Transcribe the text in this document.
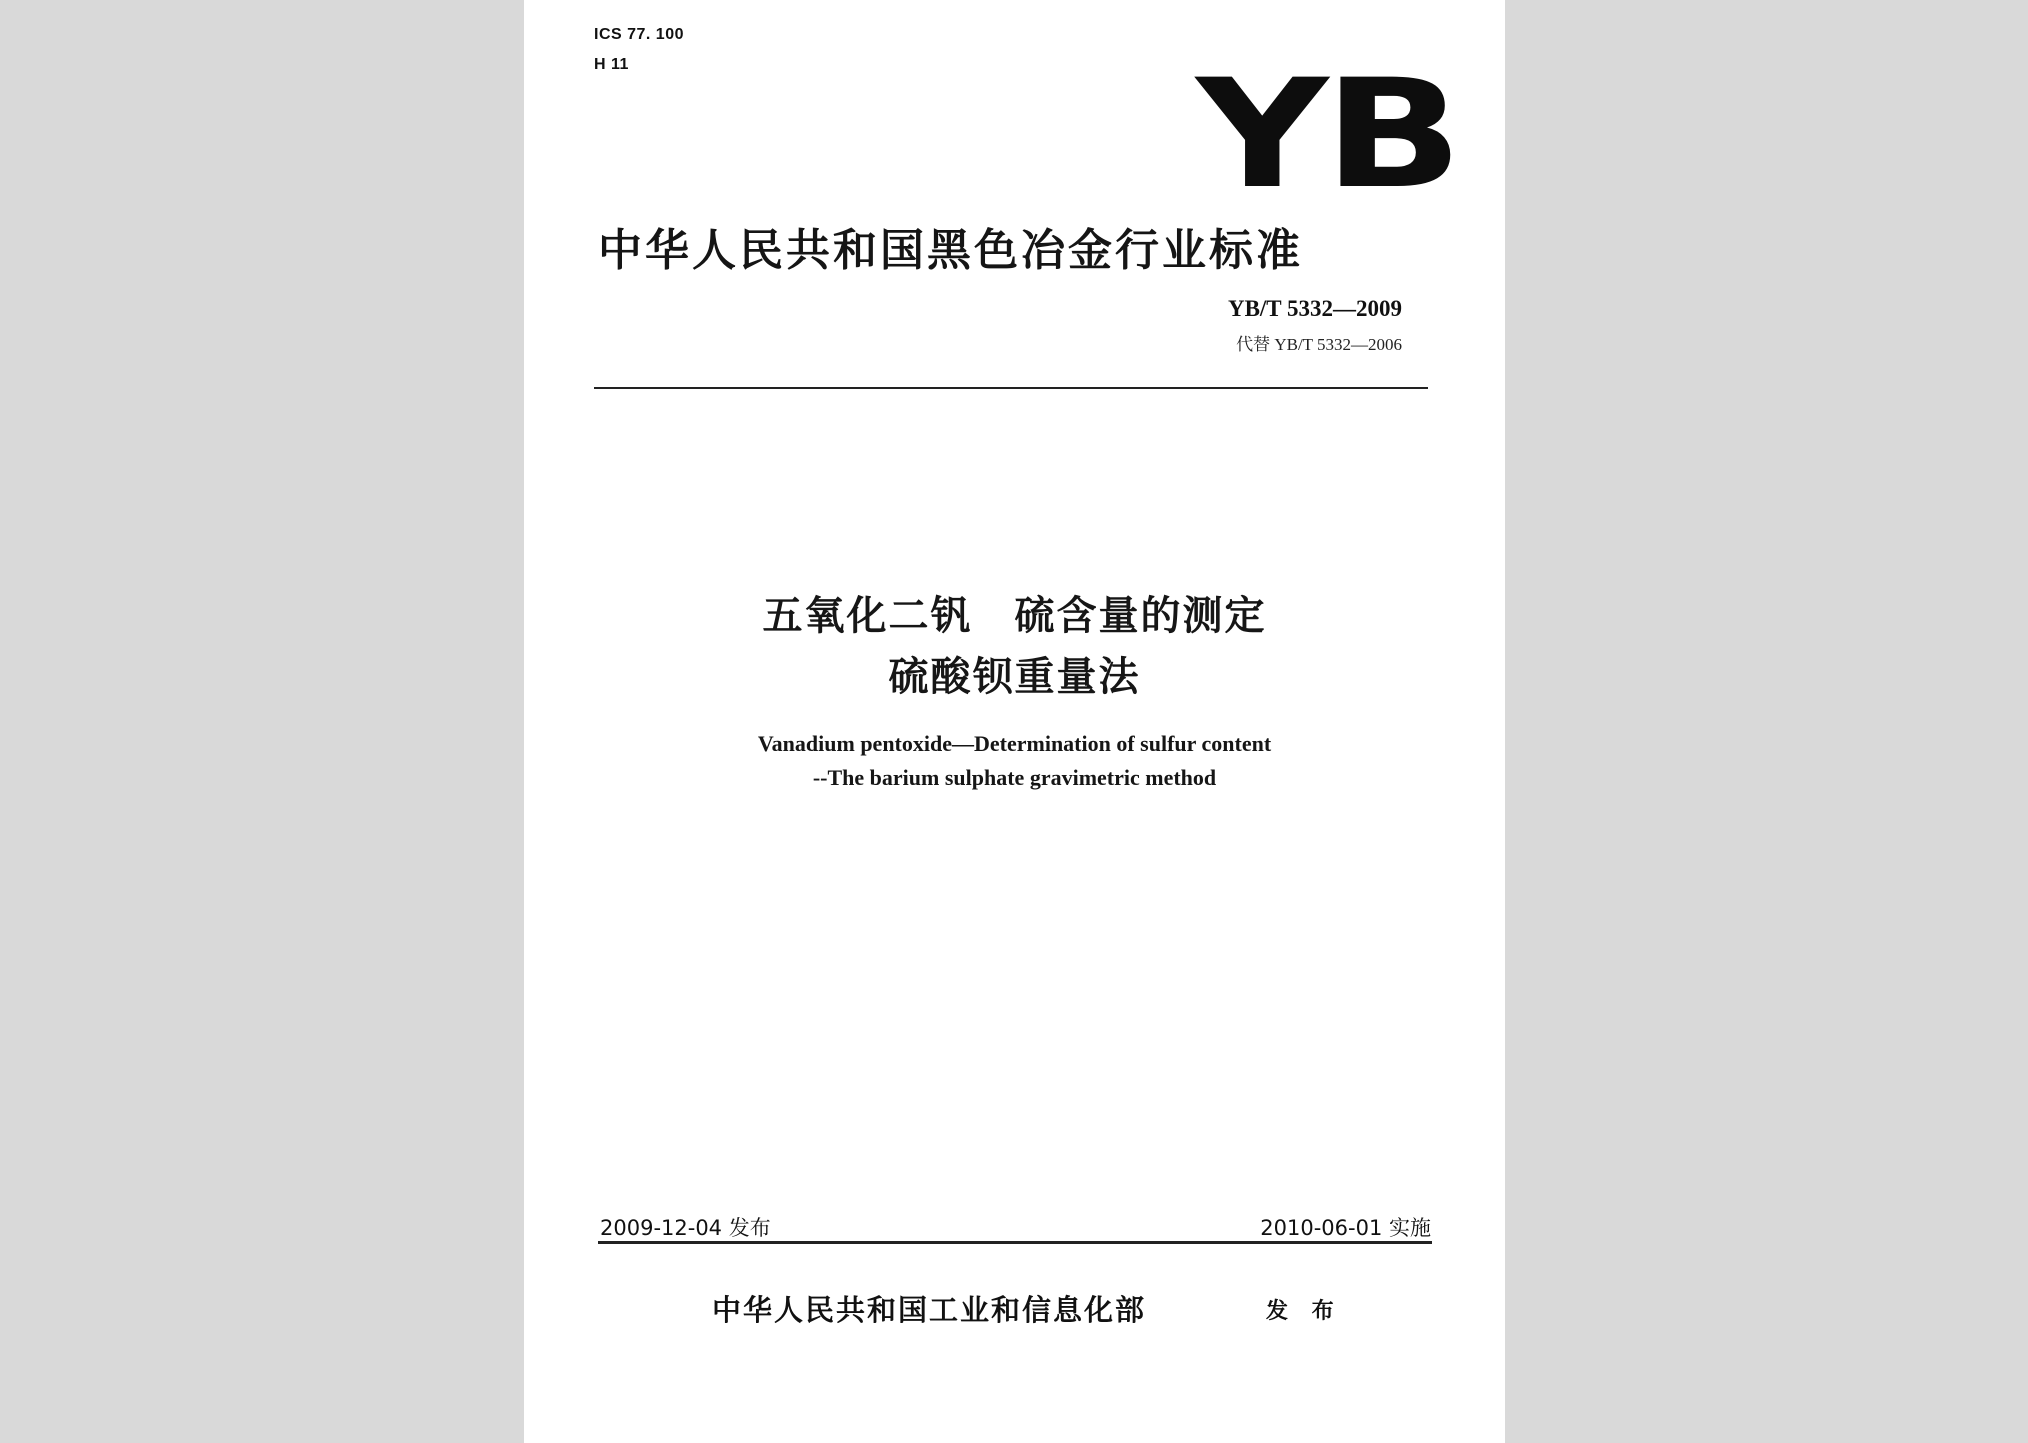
ICS 77. 100
H 11	YB
中华人民共和国黑色冶金行业标准
YB/T 5332—2009
代替 YB/T 5332—2006
五氧化二钒　硫含量的测定
硫酸钡重量法
Vanadium pentoxide—Determination of sulfur content
--The barium sulphate gravimetric method
2009-12-04 发布	2010-06-01 实施
中华人民共和国工业和信息化部	发 布
